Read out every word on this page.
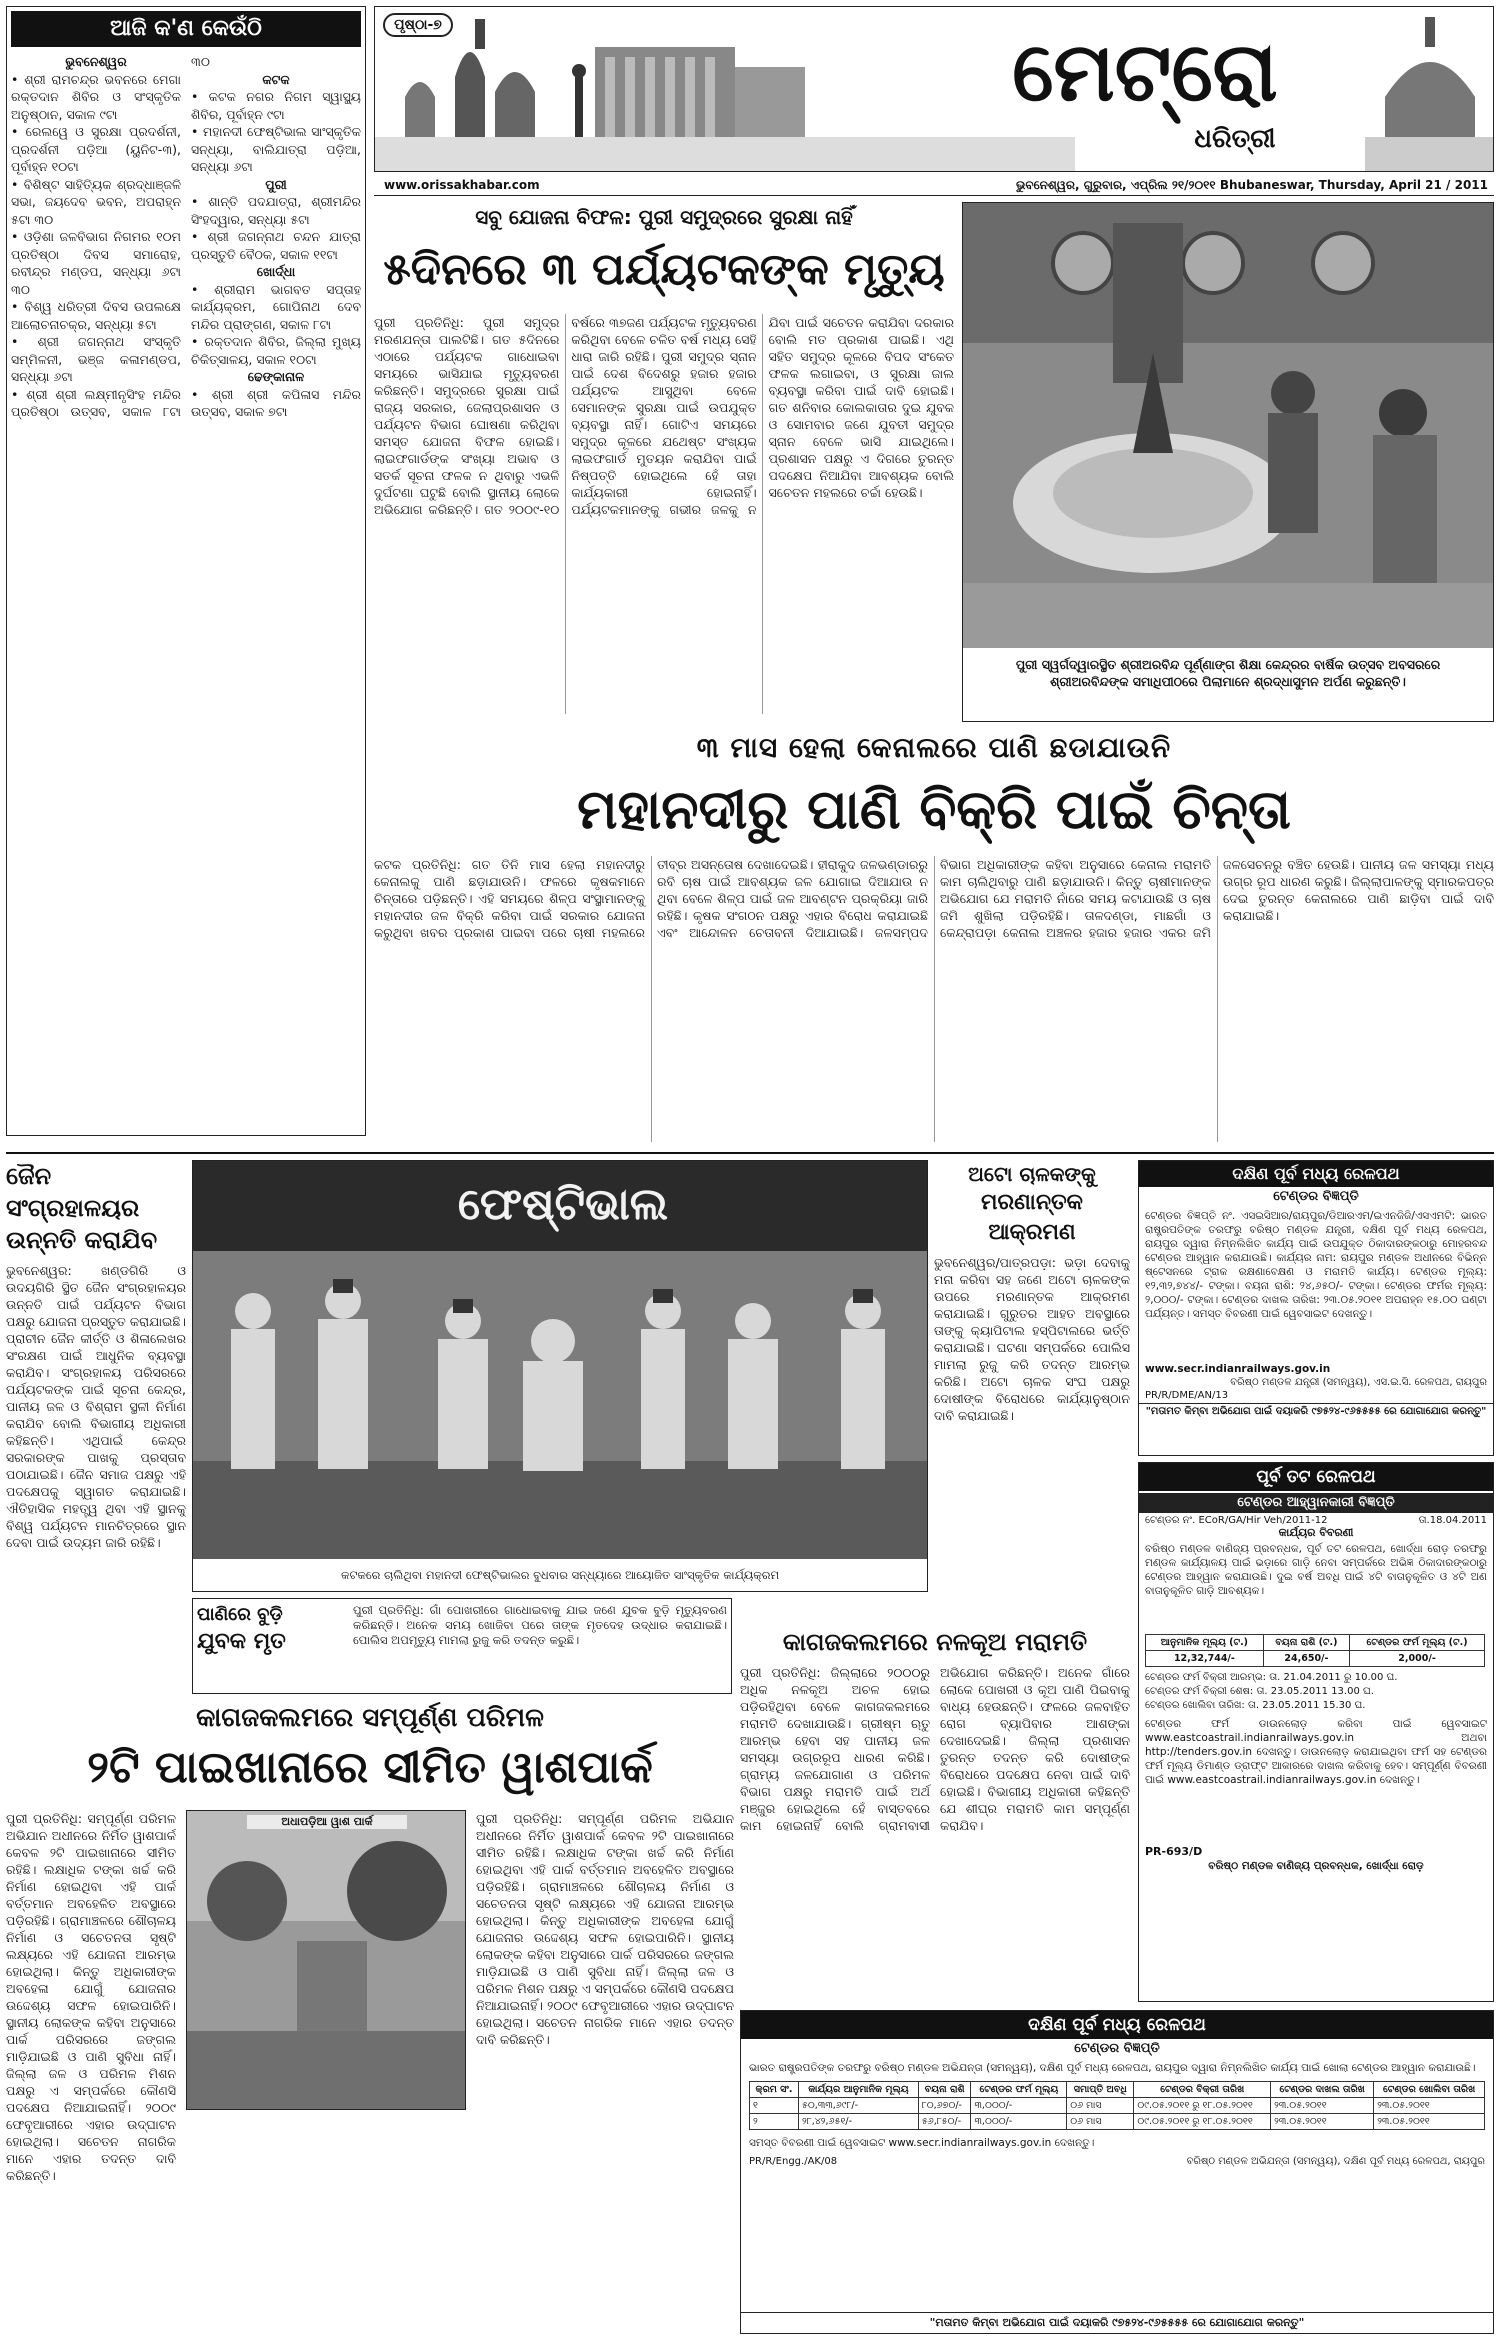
ପୃଷ୍ଠା-୭	ମେଟ୍ରୋ
ଧରିତ୍ରୀ
www.orissakhabar.com	ଭୁବନେଶ୍ୱର, ଗୁରୁବାର, ଏପ୍ରିଲ ୨୧/୨୦୧୧ Bhubaneswar, Thursday, April 21 / 2011
ଆଜି କ'ଣ କେଉଁଠି
ଭୁବନେଶ୍ୱର
• ଶ୍ରୀ ରାମଚନ୍ଦ୍ର ଭବନରେ ମେଗା ରକ୍ତଦାନ ଶିବିର ଓ ସଂସ୍କୃତିକ ଅନୁଷ୍ଠାନ, ସକାଳ ୯ଟା
• ରେଲୱେ ଓ ସୁରକ୍ଷା ପ୍ରଦର୍ଶନୀ, ପ୍ରଦର୍ଶନୀ ପଡ଼ିଆ (ୟୁନିଟ-୩), ପୂର୍ବାହ୍ନ ୧୦ଟା
• ବିଶିଷ୍ଟ ସାହିତ୍ୟିକ ଶ୍ରଦ୍ଧାଞ୍ଜଳି ସଭା, ଜୟଦେବ ଭବନ, ଅପରାହ୍ନ ୫ଟା ୩୦
• ଓଡ଼ିଶା ଜଳବିଭାଗ ନିଗମର ୧୦ମ ପ୍ରତିଷ୍ଠା ଦିବସ ସମାରୋହ, ରବୀନ୍ଦ୍ର ମଣ୍ଡପ, ସନ୍ଧ୍ୟା ୬ଟା ୩୦
• ବିଶ୍ୱ ଧରିତ୍ରୀ ଦିବସ ଉପଲକ୍ଷେ ଆଲୋଚନାଚକ୍ର, ସନ୍ଧ୍ୟା ୫ଟା
• ଶ୍ରୀ ଜଗନ୍ନାଥ ସଂସ୍କୃତି ସମ୍ମିଳନୀ, ଭଞ୍ଜ କଳାମଣ୍ଡପ, ସନ୍ଧ୍ୟା ୬ଟା
• ଶ୍ରୀ ଶ୍ରୀ ଲକ୍ଷ୍ମୀନୃସିଂହ ମନ୍ଦିର ପ୍ରତିଷ୍ଠା ଉତ୍ସବ, ସକାଳ ୮ଟା ୩୦
କଟକ
• କଟକ ନଗର ନିଗମ ସ୍ୱାସ୍ଥ୍ୟ ଶିବିର, ପୂର୍ବାହ୍ନ ୯ଟା
• ମହାନଦୀ ଫେଷ୍ଟିଭାଲ ସାଂସ୍କୃତିକ ସନ୍ଧ୍ୟା, ବାଲିଯାତ୍ରା ପଡ଼ିଆ, ସନ୍ଧ୍ୟା ୬ଟା
ପୁରୀ
• ଶାନ୍ତି ପଦଯାତ୍ରା, ଶ୍ରୀମନ୍ଦିର ସିଂହଦ୍ୱାର, ସନ୍ଧ୍ୟା ୫ଟା
• ଶ୍ରୀ ଜଗନ୍ନାଥ ଚନ୍ଦନ ଯାତ୍ରା ପ୍ରସ୍ତୁତି ବୈଠକ, ସକାଳ ୧୧ଟା
ଖୋର୍ଦ୍ଧା
• ଶ୍ରୀରାମ ଭାଗବତ ସପ୍ତାହ କାର୍ଯ୍ୟକ୍ରମ, ଗୋପିନାଥ ଦେବ ମନ୍ଦିର ପ୍ରାଙ୍ଗଣ, ସକାଳ ୮ଟା
• ରକ୍ତଦାନ ଶିବିର, ଜିଲ୍ଲା ମୁଖ୍ୟ ଚିକିତ୍ସାଳୟ, ସକାଳ ୧୦ଟା
ଢେଙ୍କାନାଳ
• ଶ୍ରୀ ଶ୍ରୀ କପିଳାସ ମନ୍ଦିର ଉତ୍ସବ, ସକାଳ ୭ଟା
ସବୁ ଯୋଜନା ବିଫଳ: ପୁରୀ ସମୁଦ୍ରରେ ସୁରକ୍ଷା ନାହିଁ
୫ଦିନରେ ୩ ପର୍ଯ୍ୟଟକଙ୍କ ମୃତ୍ୟୁ
ପୁରୀ ପ୍ରତିନିଧି: ପୁରୀ ସମୁଦ୍ର ମରଣଯନ୍ତା ପାଲଟିଛି। ଗତ ୫ଦିନରେ ଏଠାରେ ପର୍ଯ୍ୟଟକ ଗାଧୋଇବା ସମୟରେ ଭାସିଯାଇ ମୃତ୍ୟୁବରଣ କରିଛନ୍ତି। ସମୁଦ୍ରରେ ସୁରକ୍ଷା ପାଇଁ ରାଜ୍ୟ ସରକାର, ଜେଲାପ୍ରଶାସନ ଓ ପର୍ଯ୍ୟଟନ ବିଭାଗ ଘୋଷଣା କରିଥିବା ସମସ୍ତ ଯୋଜନା ବିଫଳ ହୋଇଛି। ଲାଇଫଗାର୍ଡଙ୍କ ସଂଖ୍ୟା ଅଭାବ ଓ ସତର୍କ ସୂଚନା ଫଳକ ନ ଥିବାରୁ ଏଭଳି ଦୁର୍ଘଟଣା ଘଟୁଛି ବୋଲି ସ୍ଥାନୀୟ ଲୋକେ ଅଭିଯୋଗ କରିଛନ୍ତି। ଗତ ୨୦୦୯-୧୦ ବର୍ଷରେ ୩୭ଜଣ ପର୍ଯ୍ୟଟକ ମୃତ୍ୟୁବରଣ କରିଥିବା ବେଳେ ଚଳିତ ବର୍ଷ ମଧ୍ୟ ସେହି ଧାରା ଜାରି ରହିଛି। ପୁରୀ ସମୁଦ୍ର ସ୍ନାନ ପାଇଁ ଦେଶ ବିଦେଶରୁ ହଜାର ହଜାର ପର୍ଯ୍ୟଟକ ଆସୁଥିବା ବେଳେ ସେମାନଙ୍କ ସୁରକ୍ଷା ପାଇଁ ଉପଯୁକ୍ତ ବ୍ୟବସ୍ଥା ନାହିଁ। ଗୋଟିଏ ସମୟରେ ସମୁଦ୍ର କୂଳରେ ଯଥେଷ୍ଟ ସଂଖ୍ୟକ ଲାଇଫଗାର୍ଡ ମୁତୟନ କରାଯିବା ପାଇଁ ନିଷ୍ପତ୍ତି ହୋଇଥିଲେ ହେଁ ତାହା କାର୍ଯ୍ୟକାରୀ ହୋଇନାହିଁ। ପର୍ଯ୍ୟଟକମାନଙ୍କୁ ଗଭୀର ଜଳକୁ ନ ଯିବା ପାଇଁ ସଚେତନ କରାଯିବା ଦରକାର ବୋଲି ମତ ପ୍ରକାଶ ପାଇଛି। ଏଥି ସହିତ ସମୁଦ୍ର କୂଳରେ ବିପଦ ସଂକେତ ଫଳକ ଲଗାଇବା, ଓ ସୁରକ୍ଷା ଜାଲ ବ୍ୟବସ୍ଥା କରିବା ପାଇଁ ଦାବି ହୋଇଛି। ଗତ ଶନିବାର କୋଲକାତାର ଦୁଇ ଯୁବକ ଓ ସୋମବାର ଜଣେ ଯୁବତୀ ସମୁଦ୍ର ସ୍ନାନ ବେଳେ ଭାସି ଯାଇଥିଲେ। ପ୍ରଶାସନ ପକ୍ଷରୁ ଏ ଦିଗରେ ତୁରନ୍ତ ପଦକ୍ଷେପ ନିଆଯିବା ଆବଶ୍ୟକ ବୋଲି ସଚେତନ ମହଲରେ ଚର୍ଚ୍ଚା ହେଉଛି।
ପୁରୀ ସ୍ୱର୍ଗଦ୍ୱାରସ୍ଥିତ ଶ୍ରୀଅରବିନ୍ଦ ପୂର୍ଣ୍ଣାଙ୍ଗ ଶିକ୍ଷା କେନ୍ଦ୍ରର ବାର୍ଷିକ ଉତ୍ସବ ଅବସରରେ ଶ୍ରୀଅରବିନ୍ଦଙ୍କ ସମାଧିପୀଠରେ ପିଲାମାନେ ଶ୍ରଦ୍ଧାସୁମନ ଅର୍ପଣ କରୁଛନ୍ତି।
୩ ମାସ ହେଲା କେନାଲରେ ପାଣି ଛଡାଯାଉନି
ମହାନଦୀରୁ ପାଣି ବିକ୍ରି ପାଇଁ ଚିନ୍ତା
କଟକ ପ୍ରତିନିଧି: ଗତ ତିନି ମାସ ହେଲା ମହାନଦୀରୁ କେନାଲକୁ ପାଣି ଛଡ଼ାଯାଉନି। ଫଳରେ କୃଷକମାନେ ଚିନ୍ତାରେ ପଡ଼ିଛନ୍ତି। ଏହି ସମୟରେ ଶିଳ୍ପ ସଂସ୍ଥାମାନଙ୍କୁ ମହାନଦୀର ଜଳ ବିକ୍ରି କରିବା ପାଇଁ ସରକାର ଯୋଜନା କରୁଥିବା ଖବର ପ୍ରକାଶ ପାଇବା ପରେ ଚାଷୀ ମହଲରେ ତୀବ୍ର ଅସନ୍ତୋଷ ଦେଖାଦେଇଛି। ହୀରାକୁଦ ଜଳଭଣ୍ଡାରରୁ ରବି ଚାଷ ପାଇଁ ଆବଶ୍ୟକ ଜଳ ଯୋଗାଇ ଦିଆଯାଉ ନ ଥିବା ବେଳେ ଶିଳ୍ପ ପାଇଁ ଜଳ ଆବଣ୍ଟନ ପ୍ରକ୍ରିୟା ଜାରି ରହିଛି। କୃଷକ ସଂଗଠନ ପକ୍ଷରୁ ଏହାର ବିରୋଧ କରାଯାଇଛି ଏବଂ ଆନ୍ଦୋଳନ ଚେତାବନୀ ଦିଆଯାଇଛି। ଜଳସମ୍ପଦ ବିଭାଗ ଅଧିକାରୀଙ୍କ କହିବା ଅନୁସାରେ କେନାଲ ମରାମତି କାମ ଚାଲିଥିବାରୁ ପାଣି ଛଡ଼ାଯାଉନି। କିନ୍ତୁ ଚାଷୀମାନଙ୍କ ଅଭିଯୋଗ ଯେ ମରାମତି ନାଁରେ ସମୟ କଟାଯାଉଛି ଓ ଚାଷ ଜମି ଶୁଖିଲା ପଡ଼ିରହିଛି। ତାଳଦଣ୍ଡା, ମାଛଗାଁ ଓ କେନ୍ଦ୍ରାପଡ଼ା କେନାଲ ଅଞ୍ଚଳର ହଜାର ହଜାର ଏକର ଜମି ଜଳସେଚନରୁ ବଞ୍ଚିତ ହେଉଛି। ପାନୀୟ ଜଳ ସମସ୍ୟା ମଧ୍ୟ ଉଗ୍ର ରୂପ ଧାରଣ କରୁଛି। ଜିଲ୍ଲାପାଳଙ୍କୁ ସ୍ମାରକପତ୍ର ଦେଇ ତୁରନ୍ତ କେନାଲରେ ପାଣି ଛାଡ଼ିବା ପାଇଁ ଦାବି କରାଯାଇଛି।
ଜୈନ ସଂଗ୍ରହାଳୟର ଉନ୍ନତି କରାଯିବ
ଭୁବନେଶ୍ୱର: ଖଣ୍ଡଗିରି ଓ ଉଦୟଗିରି ସ୍ଥିତ ଜୈନ ସଂଗ୍ରହାଳୟର ଉନ୍ନତି ପାଇଁ ପର୍ଯ୍ୟଟନ ବିଭାଗ ପକ୍ଷରୁ ଯୋଜନା ପ୍ରସ୍ତୁତ କରାଯାଇଛି। ପ୍ରାଚୀନ ଜୈନ କୀର୍ତ୍ତି ଓ ଶିଳାଲେଖର ସଂରକ୍ଷଣ ପାଇଁ ଆଧୁନିକ ବ୍ୟବସ୍ଥା କରାଯିବ। ସଂଗ୍ରହାଳୟ ପରିସରରେ ପର୍ଯ୍ୟଟକଙ୍କ ପାଇଁ ସୂଚନା କେନ୍ଦ୍ର, ପାନୀୟ ଜଳ ଓ ବିଶ୍ରାମ ସ୍ଥଳୀ ନିର୍ମାଣ କରାଯିବ ବୋଲି ବିଭାଗୀୟ ଅଧିକାରୀ କହିଛନ୍ତି। ଏଥିପାଇଁ କେନ୍ଦ୍ର ସରକାରଙ୍କ ପାଖକୁ ପ୍ରସ୍ତାବ ପଠାଯାଇଛି। ଜୈନ ସମାଜ ପକ୍ଷରୁ ଏହି ପଦକ୍ଷେପକୁ ସ୍ୱାଗତ କରାଯାଇଛି। ଐତିହାସିକ ମହତ୍ତ୍ୱ ଥିବା ଏହି ସ୍ଥାନକୁ ବିଶ୍ୱ ପର୍ଯ୍ୟଟନ ମାନଚିତ୍ରରେ ସ୍ଥାନ ଦେବା ପାଇଁ ଉଦ୍ୟମ ଜାରି ରହିଛି।
ଫେଷ୍ଟିଭାଲ
କଟକରେ ଚାଲିଥିବା ମହାନଦୀ ଫେଷ୍ଟିଭାଲର ବୁଧବାର ସନ୍ଧ୍ୟାରେ ଆୟୋଜିତ ସାଂସ୍କୃତିକ କାର୍ଯ୍ୟକ୍ରମ
ଅଟୋ ଚାଳକଙ୍କୁ
ମରଣାନ୍ତକ ଆକ୍ରମଣ
ଭୁବନେଶ୍ୱର/ପାତ୍ରପଡ଼ା: ଭଡ଼ା ଦେବାକୁ ମନା କରିବା ସହ ଜଣେ ଅଟୋ ଚାଳକଙ୍କ ଉପରେ ମରଣାନ୍ତକ ଆକ୍ରମଣ କରାଯାଇଛି। ଗୁରୁତର ଆହତ ଅବସ୍ଥାରେ ତାଙ୍କୁ କ୍ୟାପିଟାଲ ହସ୍ପିଟାଲରେ ଭର୍ତ୍ତି କରାଯାଇଛି। ଘଟଣା ସମ୍ପର୍କରେ ପୋଲିସ ମାମଲା ରୁଜୁ କରି ତଦନ୍ତ ଆରମ୍ଭ କରିଛି। ଅଟୋ ଚାଳକ ସଂଘ ପକ୍ଷରୁ ଦୋଷୀଙ୍କ ବିରୋଧରେ କାର୍ଯ୍ୟାନୁଷ୍ଠାନ ଦାବି କରାଯାଇଛି।
ପାଣିରେ ବୁଡ଼ି
ଯୁବକ ମୃତ
ପୁରୀ ପ୍ରତିନିଧି: ଗାଁ ପୋଖରୀରେ ଗାଧୋଇବାକୁ ଯାଇ ଜଣେ ଯୁବକ ବୁଡ଼ି ମୃତ୍ୟୁବରଣ କରିଛନ୍ତି। ଅନେକ ସମୟ ଖୋଜିବା ପରେ ତାଙ୍କ ମୃତଦେହ ଉଦ୍ଧାର କରାଯାଇଛି। ପୋଲିସ ଅପମୃତ୍ୟୁ ମାମଲା ରୁଜୁ କରି ତଦନ୍ତ କରୁଛି।	କାଗଜକଲମରେ ନଳକୂଅ ମରାମତି
ପୁରୀ ପ୍ରତିନିଧି: ଜିଲ୍ଲାରେ ୨୦୦୦ରୁ ଅଧିକ ନଳକୂଅ ଅଚଳ ହୋଇ ପଡ଼ିରହିଥିବା ବେଳେ କାଗଜକଲମରେ ମରାମତି ଦେଖାଯାଉଛି। ଗ୍ରୀଷ୍ମ ଋତୁ ଆରମ୍ଭ ହେବା ସହ ପାନୀୟ ଜଳ ସମସ୍ୟା ଉଗ୍ରରୂପ ଧାରଣ କରିଛି। ଗ୍ରାମ୍ୟ ଜଳଯୋଗାଣ ଓ ପରିମଳ ବିଭାଗ ପକ୍ଷରୁ ମରାମତି ପାଇଁ ଅର୍ଥ ମଞ୍ଜୁର ହୋଇଥିଲେ ହେଁ ବାସ୍ତବରେ କାମ ହୋଇନାହିଁ ବୋଲି ଗ୍ରାମବାସୀ ଅଭିଯୋଗ କରିଛନ୍ତି। ଅନେକ ଗାଁରେ ଲୋକେ ପୋଖରୀ ଓ କୂଅ ପାଣି ପିଇବାକୁ ବାଧ୍ୟ ହେଉଛନ୍ତି। ଫଳରେ ଜଳବାହିତ ରୋଗ ବ୍ୟାପିବାର ଆଶଙ୍କା ଦେଖାଦେଇଛି। ଜିଲ୍ଲା ପ୍ରଶାସନ ତୁରନ୍ତ ତଦନ୍ତ କରି ଦୋଷୀଙ୍କ ବିରୋଧରେ ପଦକ୍ଷେପ ନେବା ପାଇଁ ଦାବି ହୋଇଛି। ବିଭାଗୀୟ ଅଧିକାରୀ କହିଛନ୍ତି ଯେ ଶୀଘ୍ର ମରାମତି କାମ ସମ୍ପୂର୍ଣ୍ଣ କରାଯିବ।
କାଗଜକଲମରେ ସମ୍ପୂର୍ଣ୍ଣ ପରିମଳ
୨ଟି ପାଇଖାନାରେ ସୀମିତ ୱାଶପାର୍କ
ପୁରୀ ପ୍ରତିନିଧି: ସମ୍ପୂର୍ଣ୍ଣ ପରିମଳ ଅଭିଯାନ ଅଧୀନରେ ନିର୍ମିତ ୱାଶପାର୍କ କେବଳ ୨ଟି ପାଇଖାନାରେ ସୀମିତ ରହିଛି। ଲକ୍ଷାଧିକ ଟଙ୍କା ଖର୍ଚ୍ଚ କରି ନିର୍ମାଣ ହୋଇଥିବା ଏହି ପାର୍କ ବର୍ତ୍ତମାନ ଅବହେଳିତ ଅବସ୍ଥାରେ ପଡ଼ିରହିଛି। ଗ୍ରାମାଞ୍ଚଳରେ ଶୌଚାଳୟ ନିର୍ମାଣ ଓ ସଚେତନତା ସୃଷ୍ଟି ଲକ୍ଷ୍ୟରେ ଏହି ଯୋଜନା ଆରମ୍ଭ ହୋଇଥିଲା। କିନ୍ତୁ ଅଧିକାରୀଙ୍କ ଅବହେଳା ଯୋଗୁଁ ଯୋଜନାର ଉଦ୍ଦେଶ୍ୟ ସଫଳ ହୋଇପାରିନି। ସ୍ଥାନୀୟ ଲୋକଙ୍କ କହିବା ଅନୁସାରେ ପାର୍କ ପରିସରରେ ଜଙ୍ଗଲ ମାଡ଼ିଯାଇଛି ଓ ପାଣି ସୁବିଧା ନାହିଁ। ଜିଲ୍ଲା ଜଳ ଓ ପରିମଳ ମିଶନ ପକ୍ଷରୁ ଏ ସମ୍ପର୍କରେ କୌଣସି ପଦକ୍ଷେପ ନିଆଯାଇନାହିଁ। ୨୦୦୯ ଫେବୃଆରୀରେ ଏହାର ଉଦ୍‌ଘାଟନ ହୋଇଥିଲା। ସଚେତନ ନାଗରିକ ମାନେ ଏହାର ତଦନ୍ତ ଦାବି କରିଛନ୍ତି।
ଅଧାପଡ଼ିଆ ୱାଶ ପାର୍କ	ପୁରୀ ପ୍ରତିନିଧି: ସମ୍ପୂର୍ଣ୍ଣ ପରିମଳ ଅଭିଯାନ ଅଧୀନରେ ନିର୍ମିତ ୱାଶପାର୍କ କେବଳ ୨ଟି ପାଇଖାନାରେ ସୀମିତ ରହିଛି। ଲକ୍ଷାଧିକ ଟଙ୍କା ଖର୍ଚ୍ଚ କରି ନିର୍ମାଣ ହୋଇଥିବା ଏହି ପାର୍କ ବର୍ତ୍ତମାନ ଅବହେଳିତ ଅବସ୍ଥାରେ ପଡ଼ିରହିଛି। ଗ୍ରାମାଞ୍ଚଳରେ ଶୌଚାଳୟ ନିର୍ମାଣ ଓ ସଚେତନତା ସୃଷ୍ଟି ଲକ୍ଷ୍ୟରେ ଏହି ଯୋଜନା ଆରମ୍ଭ ହୋଇଥିଲା। କିନ୍ତୁ ଅଧିକାରୀଙ୍କ ଅବହେଳା ଯୋଗୁଁ ଯୋଜନାର ଉଦ୍ଦେଶ୍ୟ ସଫଳ ହୋଇପାରିନି। ସ୍ଥାନୀୟ ଲୋକଙ୍କ କହିବା ଅନୁସାରେ ପାର୍କ ପରିସରରେ ଜଙ୍ଗଲ ମାଡ଼ିଯାଇଛି ଓ ପାଣି ସୁବିଧା ନାହିଁ। ଜିଲ୍ଲା ଜଳ ଓ ପରିମଳ ମିଶନ ପକ୍ଷରୁ ଏ ସମ୍ପର୍କରେ କୌଣସି ପଦକ୍ଷେପ ନିଆଯାଇନାହିଁ। ୨୦୦୯ ଫେବୃଆରୀରେ ଏହାର ଉଦ୍‌ଘାଟନ ହୋଇଥିଲା। ସଚେତନ ନାଗରିକ ମାନେ ଏହାର ତଦନ୍ତ ଦାବି କରିଛନ୍ତି।
ଦକ୍ଷିଣ ପୂର୍ବ ମଧ୍ୟ ରେଳପଥ
ଟେଣ୍ଡର ବିଜ୍ଞପ୍ତି
ଟେଣ୍ଡର ବିଜ୍ଞପ୍ତି ନଂ. ଏସଇସିଆର/ରାୟପୁର/ଡିଆରଏମ/ଇଏନଜିଜି/ଏସଏମଟି: ଭାରତ ରାଷ୍ଟ୍ରପତିଙ୍କ ତରଫରୁ ବରିଷ୍ଠ ମଣ୍ଡଳ ଯନ୍ତ୍ରୀ, ଦକ୍ଷିଣ ପୂର୍ବ ମଧ୍ୟ ରେଳପଥ, ରାୟପୁର ଦ୍ୱାରା ନିମ୍ନଲିଖିତ କାର୍ଯ୍ୟ ପାଇଁ ଉପଯୁକ୍ତ ଠିକାଦାରଙ୍କଠାରୁ ମୋହରବନ୍ଦ ଟେଣ୍ଡର ଆହ୍ୱାନ କରାଯାଉଛି। କାର୍ଯ୍ୟର ନାମ: ରାୟପୁର ମଣ୍ଡଳ ଅଧୀନରେ ବିଭିନ୍ନ ଷ୍ଟେସନରେ ଟ୍ରାକ ରକ୍ଷଣାବେକ୍ଷଣ ଓ ମରାମତି କାର୍ଯ୍ୟ। ଟେଣ୍ଡର ମୂଲ୍ୟ: ୧୨,୩୨,୭୪୪/- ଟଙ୍କା। ବୟନା ରାଶି: ୨୪,୬୫୦/- ଟଙ୍କା। ଟେଣ୍ଡର ଫର୍ମର ମୂଲ୍ୟ: ୨,୦୦୦/- ଟଙ୍କା। ଟେଣ୍ଡର ଦାଖଲ ତାରିଖ: ୨୩.୦୫.୨୦୧୧ ଅପରାହ୍ନ ୧୫.୦୦ ଘଣ୍ଟା ପର୍ଯ୍ୟନ୍ତ। ସମସ୍ତ ବିବରଣୀ ପାଇଁ ୱେବସାଇଟ ଦେଖନ୍ତୁ।
www.secr.indianrailways.gov.in
ବରିଷ୍ଠ ମଣ୍ଡଳ ଯନ୍ତ୍ରୀ (ସମନ୍ୱୟ), ଏସ.ଇ.ସି. ରେଳପଥ, ରାୟପୁର
PR/R/DME/AN/13
"ମତାମତ କିମ୍ବା ଅଭିଯୋଗ ପାଇଁ ଦୟାକରି ୯୭୫୨୪-୯୬୫୫୫୫ ରେ ଯୋଗାଯୋଗ କରନ୍ତୁ"
ପୂର୍ବ ତଟ ରେଳପଥ
ଟେଣ୍ଡର ଆହ୍ୱାନକାରୀ ବିଜ୍ଞପ୍ତି
ଟେଣ୍ଡର ନଂ. ECoR/GA/Hir Veh/2011-12	ତା.18.04.2011
କାର୍ଯ୍ୟର ବିବରଣୀ
ବରିଷ୍ଠ ମଣ୍ଡଳ ବାଣିଜ୍ୟ ପ୍ରବନ୍ଧକ, ପୂର୍ବ ତଟ ରେଳପଥ, ଖୋର୍ଦ୍ଧା ରୋଡ଼ ତରଫରୁ ମଣ୍ଡଳ କାର୍ଯ୍ୟାଳୟ ପାଇଁ ଭଡ଼ାରେ ଗାଡ଼ି ନେବା ସମ୍ପର୍କରେ ଅଭିଜ୍ଞ ଠିକାଦାରଙ୍କଠାରୁ ଟେଣ୍ଡର ଆହ୍ୱାନ କରାଯାଉଛି। ଦୁଇ ବର୍ଷ ଅବଧି ପାଇଁ ୪ଟି ବାତାନୁକୂଳିତ ଓ ୪ଟି ଅଣ ବାତାନୁକୂଳିତ ଗାଡ଼ି ଆବଶ୍ୟକ।
ଆନୁମାନିକ ମୂଲ୍ୟ (ଟ.)	ବୟନା ରାଶି (ଟ.)	ଟେଣ୍ଡର ଫର୍ମ ମୂଲ୍ୟ (ଟ.)
12,32,744/-	24,650/-	2,000/-
ଟେଣ୍ଡର ଫର୍ମ ବିକ୍ରୀ ଆରମ୍ଭ: ତା. 21.04.2011 ରୁ 10.00 ଘ.
ଟେଣ୍ଡର ଫର୍ମ ବିକ୍ରୀ ଶେଷ: ତା. 23.05.2011 13.00 ଘ.
ଟେଣ୍ଡର ଖୋଲିବା ତାରିଖ: ତା. 23.05.2011 15.30 ଘ.
ଟେଣ୍ଡର ଫର୍ମ ଡାଉନଲୋଡ଼ କରିବା ପାଇଁ ୱେବସାଇଟ www.eastcoastrail.indianrailways.gov.in ଅଥବା http://tenders.gov.in ଦେଖନ୍ତୁ। ଡାଉନଲୋଡ଼ କରାଯାଇଥିବା ଫର୍ମ ସହ ଟେଣ୍ଡର ଫର୍ମ ମୂଲ୍ୟ ଡିମାଣ୍ଡ ଡ୍ରାଫ୍ଟ ଆକାରରେ ଦାଖଲ କରିବାକୁ ହେବ। ସମ୍ପୂର୍ଣ୍ଣ ବିବରଣୀ ପାଇଁ www.eastcoastrail.indianrailways.gov.in ଦେଖନ୍ତୁ।
PR-693/D
ବରିଷ୍ଠ ମଣ୍ଡଳ ବାଣିଜ୍ୟ ପ୍ରବନ୍ଧକ, ଖୋର୍ଦ୍ଧା ରୋଡ଼
ଦକ୍ଷିଣ ପୂର୍ବ ମଧ୍ୟ ରେଳପଥ
ଟେଣ୍ଡର ବିଜ୍ଞପ୍ତି
ଭାରତ ରାଷ୍ଟ୍ରପତିଙ୍କ ତରଫରୁ ବରିଷ୍ଠ ମଣ୍ଡଳ ଅଭିଯନ୍ତା (ସମନ୍ୱୟ), ଦକ୍ଷିଣ ପୂର୍ବ ମଧ୍ୟ ରେଳପଥ, ରାୟପୁର ଦ୍ୱାରା ନିମ୍ନଲିଖିତ କାର୍ଯ୍ୟ ପାଇଁ ଖୋଲା ଟେଣ୍ଡର ଆହ୍ୱାନ କରାଯାଉଛି।
କ୍ରମ ସଂ.	କାର୍ଯ୍ୟର ଆନୁମାନିକ ମୂଲ୍ୟ	ବୟନା ରାଶି	ଟେଣ୍ଡର ଫର୍ମ ମୂଲ୍ୟ	ସମାପ୍ତି ଅବଧି	ଟେଣ୍ଡର ବିକ୍ରୀ ତାରିଖ	ଟେଣ୍ଡର ଦାଖଲ ତାରିଖ	ଟେଣ୍ଡର ଖୋଲିବା ତାରିଖ
୧	୫୦,୩୩,୬୯୮/-	୮୦,୬୭୦/-	୩,୦୦୦/-	୦୬ ମାସ	୦୯.୦୫.୨୦୧୧ ରୁ ୧୮.୦୫.୨୦୧୧	୨୩.୦୫.୨୦୧୧	୨୩.୦୫.୨୦୧୧
୨	୨୮,୪୨,୬୫୧/-	୫୬,୮୫୦/-	୩,୦୦୦/-	୦୬ ମାସ	୦୯.୦୫.୨୦୧୧ ରୁ ୧୮.୦୫.୨୦୧୧	୨୩.୦୫.୨୦୧୧	୨୩.୦୫.୨୦୧୧
ସମସ୍ତ ବିବରଣୀ ପାଇଁ ୱେବସାଇଟ www.secr.indianrailways.gov.in ଦେଖନ୍ତୁ।
PR/R/Engg./AK/08	ବରିଷ୍ଠ ମଣ୍ଡଳ ଅଭିଯନ୍ତା (ସମନ୍ୱୟ), ଦକ୍ଷିଣ ପୂର୍ବ ମଧ୍ୟ ରେଳପଥ, ରାୟପୁର
"ମତାମତ କିମ୍ବା ଅଭିଯୋଗ ପାଇଁ ଦୟାକରି ୯୭୫୨୪-୯୬୫୫୫୫ ରେ ଯୋଗାଯୋଗ କରନ୍ତୁ"
